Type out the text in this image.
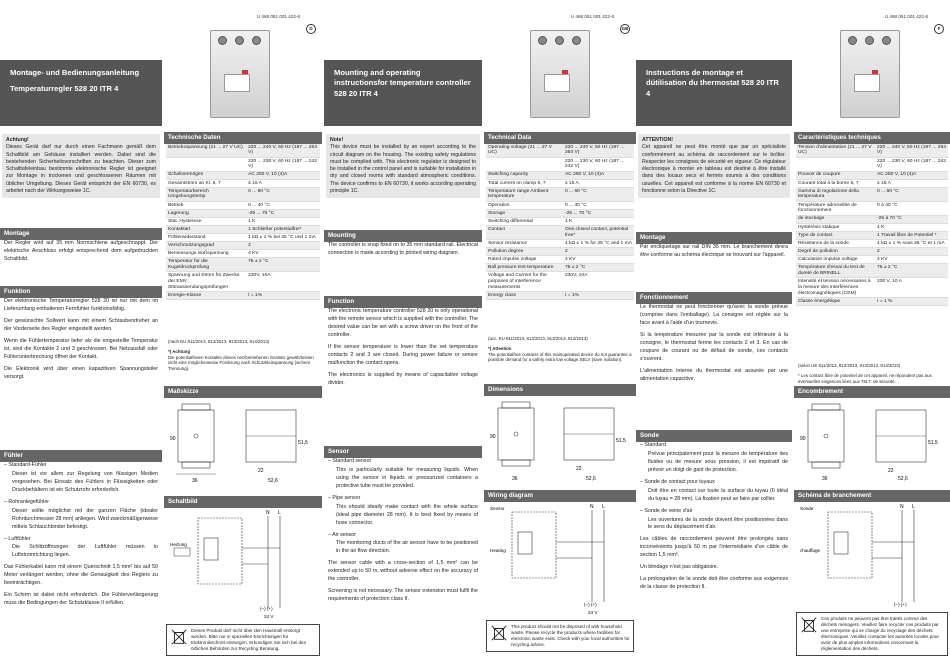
Montage- und Bedienungsanleitung
Temperaturregler 528 20 ITR 4
Achtung!
Dieses Gerät darf nur durch einen Fachmann gemäß dem Schaltbild am Gehäuse installiert werden. Dabei sind die bestehenden Sicherheitsvorschriften zu beachten. Dieser zum Schalttafeleinbau bestimmte elektronische Regler ist geeignet zur Montage in trockenen und geschlossenen Räumen mit üblicher Umgebung. Dieses Gerät entspricht der EN 60730, es arbeitet nach der Wirkungsweise 1C.
Montage

Der Regler wird auf 35 mm Normschiene aufgeschnappt. Der elektrische Anschluss erfolgt entsprechend dem aufgedruckten Schaltbild.

Funktion

Der elektronische Temperaturregler 528 20 ist nur mit dem im Lieferumfang enthaltenen Fernfühler funktionsfähig.

Der gewünschte Sollwert kann mit einem Schraubendreher an der Vorderseite des Regler eingestellt werden.

Wenn die Fühlertemperatur tiefer als die eingestellte Temperatur ist, sind die Kontakte 2 und 3 geschlossen. Bei Netzausfall oder Fühlerunterbrechung öffnet der Kontakt.

Die Elektronik wird über einen kapazitiven Spannungsteiler versorgt.

Fühler

– Standard-Fühler

Dieser ist vor allem zur Regelung von flüssigen Medien vorgesehen. Bei Einsatz des Fühlers in Flüssigkeiten oder Druckbehältern ist ein Schutzrohr erforderlich.

– Rohranlegefühler

Dieser sollte möglichst mit der ganzen Fläche (idealer Rohrdurchmesser 28 mm) anliegen. Wird zweckmäßigerweise mittels Schlauchbinder befestigt.

– Luftfühler

Die Schlitzöffnungen der Luftfühler müssen in Luftstromrichtung liegen.

Das Fühlerkabel kann mit einem Querschnitt 1,5 mm² bis auf 50 Meter verlängert werden, ohne die Genauigkeit des Reglers zu beeinträchtigen.

Ein Schirm ist dabei nicht erforderlich. Die Fühlerverlängerung muss die Bedingungen der Schutzklasse II erfüllen.

U 468 051 001 422-6
D
Technische Daten
Betriebsspannung (21 ... 27 V UC)	220 ... 240 V, 50 Hz (187 ... 264 V)
	220 ... 230 V, 60 Hz (187 ... 242 V)
Schaltvermögen	AC 250 V, 10 (4)A
Gesamtstrom an Kl. 6, 7	≤ 16 A
Temperaturbereich Umgebungstemp.	0 ... 60 °C
Betrieb	0 ... 40 °C
Lagerung	-25 ... 70 °C
Stat. Hysterese	1 K
Kontaktart	1 Schließer potentialfrei*
Fühlerwiderstand	1 kΩ ± 1 % bei 25 °C und 1 mA
Verschmutzungsgrad	2
Bemessungs stoßspannung	4 KV
Temperatur für die Kugeldruckprüfung	75 ± 2 °C
Spannung und Strom für Zwecke der EMV Störaussendungsprüfungen	230V, 10A
Energie-Klasse	I = 1%
(nach EU 811/2013, 812/2013, 813/2013, 814/2013)
*) Achtung
Die potentialfreien Kontakte dieses netzbetriebenen Gerätes gewährleisten nicht eine möglicherweise Forderung nach Schutzkleinspannung (sichere Trennung).
Maßskizze
36
22
52,6
51,5
90
Schaltbild
N L
Heizung
(–) (+)
24 V
Dieses Produkt darf nicht über den Hausmüll entsorgt werden. Bitte nur in speziellen Einrichtungen für Elektronikschrott entsorgen. Erkundigen Sie sich bei den örtlichen Behörden zur Recycling Beratung.
Mounting and operating instructionsfor temperature controller 528 20 ITR 4
Note!
This device must be installed by an expert according to the circuit diagram on the housing. The existing safety regulations must be complied with. This electronic regulator is designed to be installed in the control panel and is suitable for installation in dry and closed rooms with standard atmospheric conditions. The device confirms to EN 60730, it works according operating principle 1C.
Mounting

The controller is snap fixed on to 35 mm standard rail. Electrical connection is made according to printed wiring diagram.

Function

The electronic temperature controller 528 20 is only operational with the remote sensor which is supplied with the controller. The desired value can be set with a screw driver on the front of the controller.

If the sensor temperature is lower than the set temperature contacts 2 and 3 are closed. During power failure or sensor malfunction the contact opens.

The electronics is supplied by means of capacitative voltage divider.

Sensor

– Standard sensor

This is particularly suitable for measuring liquids. When using the sensor in liquids or pressurized containers a protective tube must be provided.

– Pipe sensor

This should ideally make contact with the whole surface (ideal pipe diameter 28 mm). It is best fixed by means of hose connector.

– Air sensor

The monitoring ducts of the air sensor have to be positioned in the air flow direction.

The sensor cable with a cross-section of 1,5 mm² can be extended up to 50 m, without adverse effect on the accuracy of the controller.

Screening is not necessary. The sensor extension must fulfil the requirements of protection class II.

U 468 051 001 422-6
GB
Technical Data
Operating voltage (21 ... 27 V UC)	220 ... 240 V, 50 Hz (187 ... 264 V)
	220 ... 230 V, 60 Hz (187 ... 242 V)
Switching capacity	AC 250 V, 10 (4)A
Total current on clamp 6, 7	≤ 16 A
Temperature range Ambient temperature	0 ... 60 °C
Operation	0 ... 40 °C
Storage	-25 ... 70 °C
Switching differential	1 K
Contact	One closed contact, potential free*
Sensor resistance	1 kΩ ± 1 % for 25 °C and 1 mA
Pollution degree	2
Rated impulse voltage	4 KV
Ball pressure test temperature	75 ± 2 °C
Voltage and Current for the purposes of interference measurements	230V, 10A
Energy class	I = 1%
(acc. EU 811/2013, 812/2013, 813/2013, 814/2013)
*) Attention
The potentialfree contacts of this mainoperated device do not guarantee a possible demand for a safety extra low voltage SELV (save isolation).
Dimensions
36
22
52,6
51,5
90
Wiring diagram
N L
Heating
Sensor
(–) (+)
24 V
This product should not be disposed of with household waste. Please recycle the products where facilities for electronic waste exist. Check with your local authorities for recycling advice.
Instructions de montage et dútilisation du thermostat 528 20 ITR 4
ATTENTION!
Cet appareil ne peut être monté que par un spécialiste conformément au schéma de raccordement sur le boîtier. Respecter les consignes de sécurité en vigueur. Ce régulateur électronique à monter en tableau est destiné à être installé dans des locaux secs et fermés soumis à des conditions usuelles. Cet appareil est conforme à la norme EN 60730 et fonctionne selon la Directive 1C.
Montage

Par encliquetage sur rail DIN 35 mm. Le branchement devra être conforme au schéma électrique se trouvant sur l'appareil.

Fonctionnement

Le thermostat ne peut fonctionner qu'avec la sonde prévue (comprise dans l'emballage). La consigne est réglée sur la face avant à l'aide d'un tournevis.

Si la température mesurée par la sonde est inférieure à la consigne, le thermostat ferme les contacts 2 et 3. En cas de coupure de courant ou de défaut de sonde, ces contacts s'ouvrent.

L'alimentation interne du thermostat est assurée par une alimentation capacitive.

Sonde

– Standard

Prévue principalement pour la mesure de température des fluides ou de mesure sous pression, il est impératif de prévoir un doigt de gant de protection.

– Sonde de contact pour tuyaux

Doit être en contact sur toute la surface du tuyau (0 idéal du tuyau = 28 mm). La fixation peut se faire par collier.

– Sonde de veine d'air

Les ouvertures de la sonde doivent être positionnées dans le sens du déplacement d'air.

Les câbles de raccordement peuvent être prolongés sans inconvénients jusqu'à 50 m par l'intermédiaire d'un câble de section 1,5 mm².

Un blindage n'est pas obligatoire.

La prolongation de la sonde doit être conforme aux exigences de la classe de protection II.

U 468 051 001 422-6
F
Caractéristiques techniques
Tension d'alimentation (21 ... 27 V UC)	220 ... 240 V, 50 Hz (187 ... 264 V)
	220 ... 230 V, 60 Hz (187 ... 242 V)
Pouvoir de coupure	AC 250 V, 10 (4)A
Courant total à la borne 6, 7	≤ 16 A
Gamma di regolazione della temperatura	0 ... 60 °C
Température admissible de fonctionnement	0 à 40 °C
de stockage	-25 à 70 °C
Hystérésis statique	1 K
Type de contact	1 Travail libre de Potentiel *
Résistance de la sonde	1 kΩ ± 1 % sous 25 °C et 1 mA
Degré de pollution	2
Calculation impulse voltage	4 KV
Température d'essai du test de dureté de BRINELL	75 ± 2 °C
Intensité et tension nécessaires à la mesure des interférences électromagnétiques (CEM)	230 V, 10 A
Classe énergétique	I = 1 %
(selon UE 811/2013, 812/2013, 813/2013, 814/2013)
* Les contact libre de potentiel de cet appareil, ne répondent pas aux éventuelles exigences liées aux T.B.T. de sécurité.
Encombrement
36
22
52,6
51,5
90
Schéma de branchement
N L
Sonde
chauffage
(–) (+)
Ces produits ne peuvent pas être traités comme des déchets ménagers. Veuillez faire recycler ces produits par une entreprise qui se charge du recyclage des déchets électroniques. Veuillez contacter les autorités locales pour avoir de plus amples informations concernant la règlementation des déchets.
